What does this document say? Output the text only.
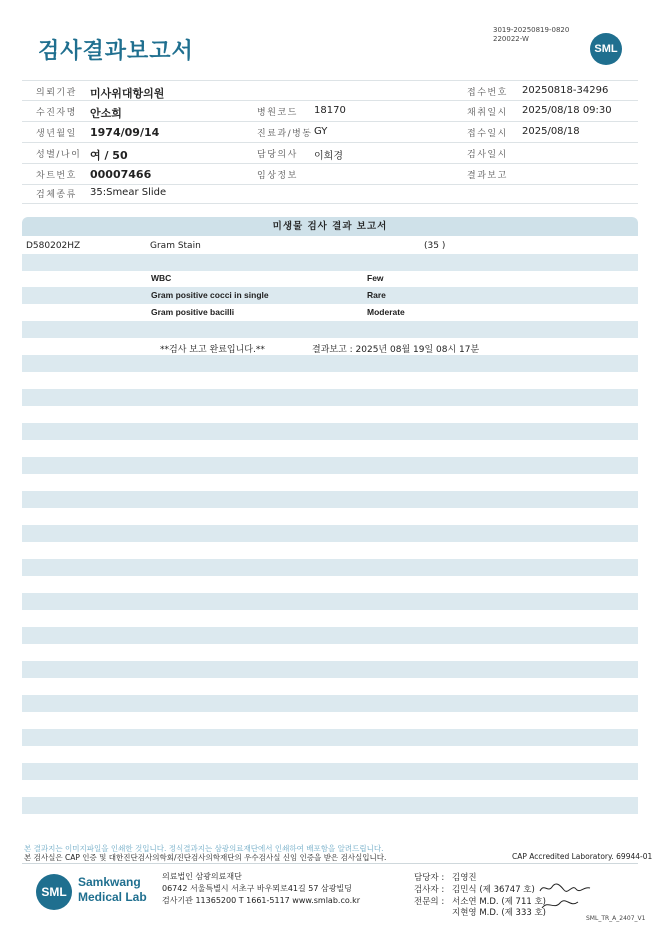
검사결과보고서
3019-20250819-0820
220022-W
SML
의뢰기관 미사위대항의원	접수번호 20250818-34296
수진자명 안소희	병원코드 18170	채취일시 2025/08/18 09:30
생년월일 1974/09/14	진료과/병동 GY	접수일시 2025/08/18
성별/나이 여 / 50	담당의사 이희경	검사일시
차트번호 00007466	임상정보	결과보고
검체종류 35:Smear Slide
미생물 검사 결과 보고서
D580202HZ	Gram Stain	(35 )
WBC	Few
Gram positive cocci in single	Rare
Gram positive bacilli	Moderate
**검사 보고 완료입니다.**	결과보고 : 2025년 08월 19일 08시 17분
본 결과지는 이미지파일을 인쇄한 것입니다. 정식결과지는 삼광의료재단에서 인쇄하여 배포함을 알려드립니다.
본 검사실은 CAP 인증 및 대한진단검사의학회/진단검사의학재단의 우수검사실 신임 인증을 받은 검사실입니다.	CAP Accredited Laboratory. 69944-01
SML
Samkwang
Medical Lab
의료법인 삼광의료재단
06742 서울특별시 서초구 바우뫼로41길 57 삼광빌딩
검사기관 11365200 T 1661-5117 www.smlab.co.kr
담당자 : 김영진
검사자 : 김민식 (제 36747 호)
전문의 : 서소연 M.D. (제 711 호)
지현영 M.D. (제 333 호)
SML_TR_A_2407_V1
